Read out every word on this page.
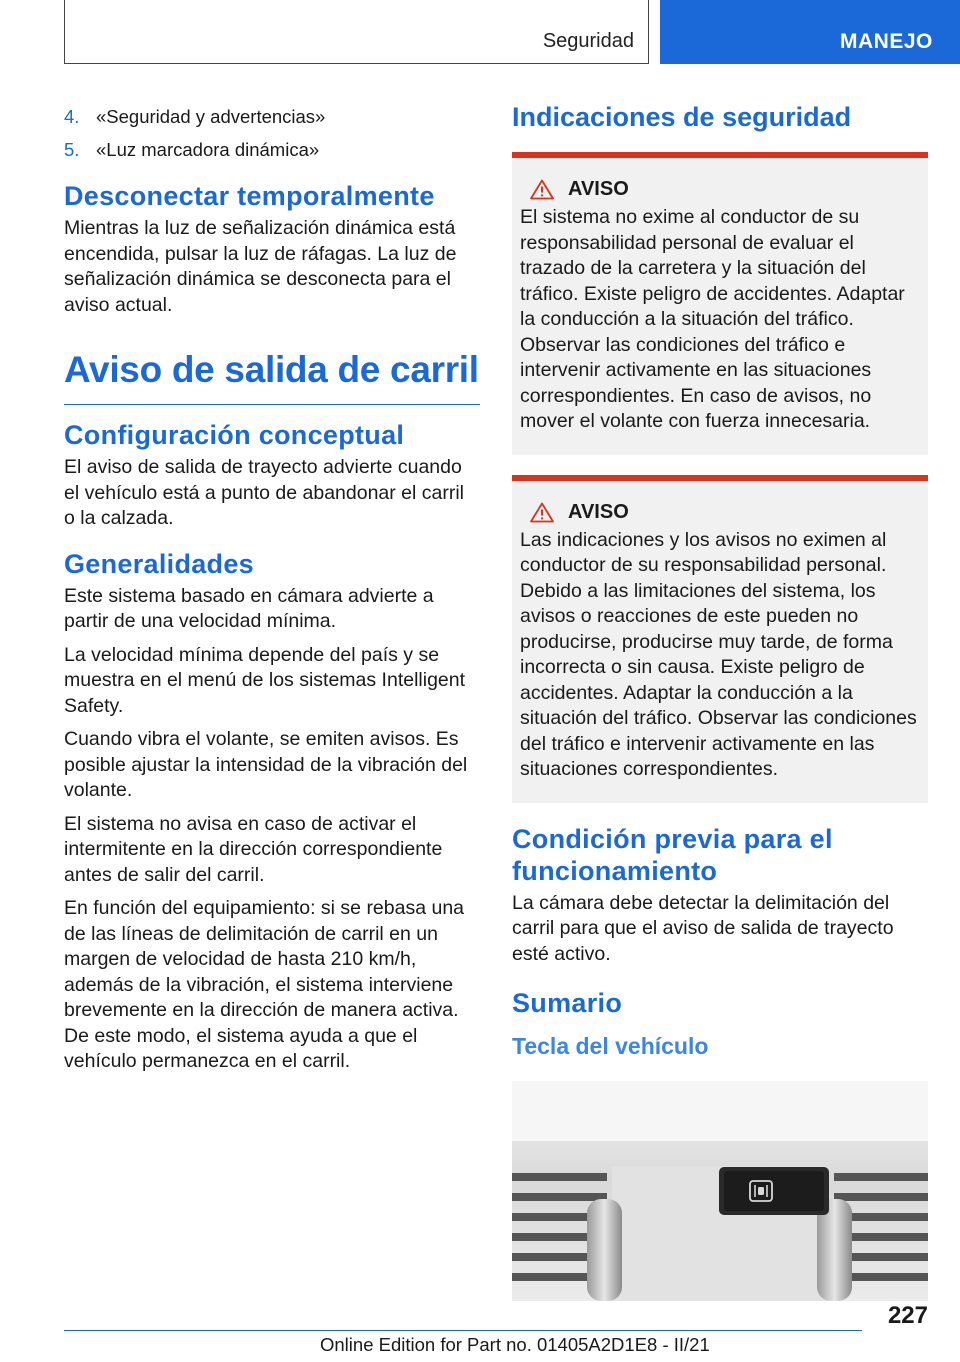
Seguridad	MANEJO
4. «Seguridad y advertencias»
5. «Luz marcadora dinámica»
Desconectar temporalmente

Mientras la luz de señalización dinámica está encendida, pulsar la luz de ráfagas. La luz de señalización dinámica se desconecta para el aviso actual.

Aviso de salida de carril
Configuración conceptual

El aviso de salida de trayecto advierte cuando el vehículo está a punto de abandonar el carril o la calzada.

Generalidades

Este sistema basado en cámara advierte a partir de una velocidad mínima.

La velocidad mínima depende del país y se muestra en el menú de los sistemas Intelligent Safety.

Cuando vibra el volante, se emiten avisos. Es posible ajustar la intensidad de la vibración del volante.

El sistema no avisa en caso de activar el intermitente en la dirección correspondiente antes de salir del carril.

En función del equipamiento: si se rebasa una de las líneas de delimitación de carril en un margen de velocidad de hasta 210 km/h, además de la vibración, el sistema interviene brevemente en la dirección de manera activa. De este modo, el sistema ayuda a que el vehículo permanezca en el carril.

Indicaciones de seguridad
AVISO

El sistema no exime al conductor de su responsabilidad personal de evaluar el trazado de la carretera y la situación del tráfico. Existe peligro de accidentes. Adaptar la conducción a la situación del tráfico. Observar las condiciones del tráfico e intervenir activamente en las situaciones correspondientes. En caso de avisos, no mover el volante con fuerza innecesaria.

AVISO

Las indicaciones y los avisos no eximen al conductor de su responsabilidad personal. Debido a las limitaciones del sistema, los avisos o reacciones de este pueden no producirse, producirse muy tarde, de forma incorrecta o sin causa. Existe peligro de accidentes. Adaptar la conducción a la situación del tráfico. Observar las condiciones del tráfico e intervenir activamente en las situaciones correspondientes.

Condición previa para el funcionamiento

La cámara debe detectar la delimitación del carril para que el aviso de salida de trayecto esté activo.

Sumario
Tecla del vehículo
227
Online Edition for Part no. 01405A2D1E8 - II/21
